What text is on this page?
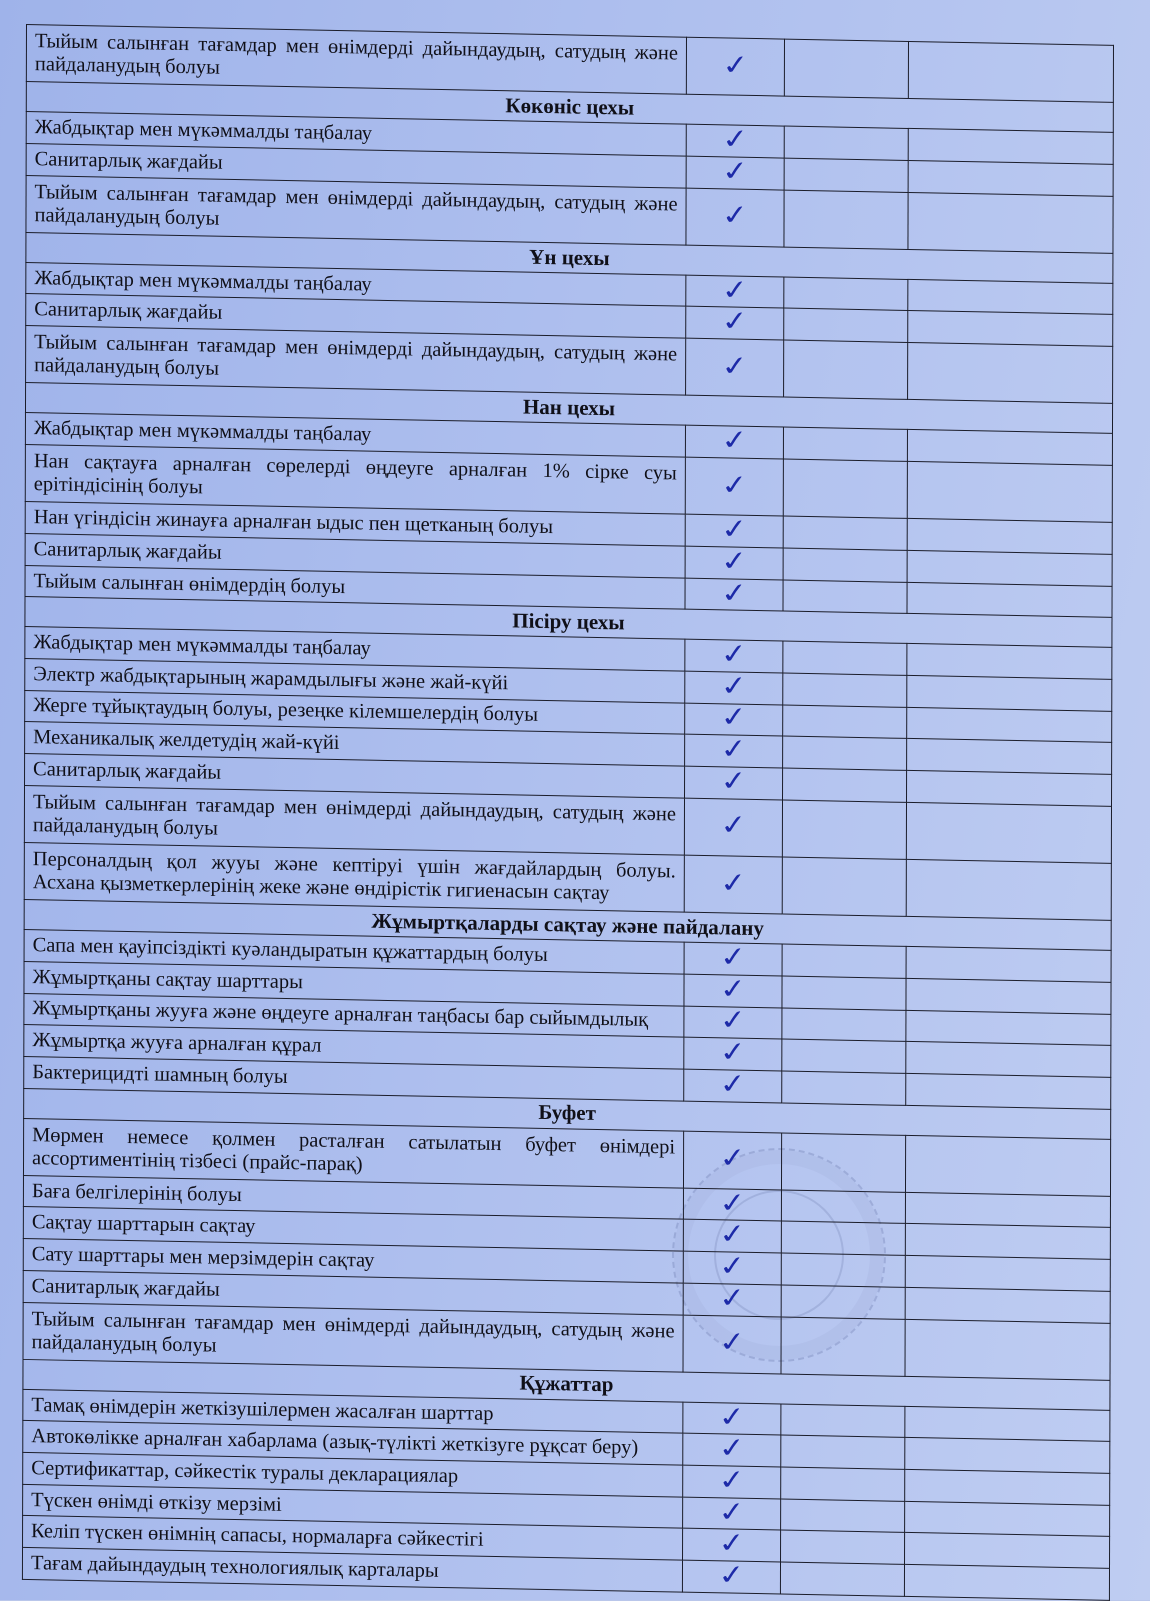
Тыйым салынған тағамдар мен өнімдерді дайындаудың, сатудың және пайдаланудың болуы	✓		
Көкөніс цехы			
Жабдықтар мен мүкәммалды таңбалау	✓		
Санитарлық жағдайы	✓		
Тыйым салынған тағамдар мен өнімдерді дайындаудың, сатудың және пайдаланудың болуы	✓		
Ұн цехы			
Жабдықтар мен мүкәммалды таңбалау	✓		
Санитарлық жағдайы	✓		
Тыйым салынған тағамдар мен өнімдерді дайындаудың, сатудың және пайдаланудың болуы	✓		
Нан цехы			
Жабдықтар мен мүкәммалды таңбалау	✓		
Нан сақтауға арналған сөрелерді өңдеуге арналған 1% сірке суы ерітіндісінің болуы	✓		
Нан үгіндісін жинауға арналған ыдыс пен щетканың болуы	✓		
Санитарлық жағдайы	✓		
Тыйым салынған өнімдердің болуы	✓		
Пісіру цехы			
Жабдықтар мен мүкәммалды таңбалау	✓		
Электр жабдықтарының жарамдылығы және жай-күйі	✓		
Жерге тұйықтаудың болуы, резеңке кілемшелердің болуы	✓		
Механикалық желдетудің жай-күйі	✓		
Санитарлық жағдайы	✓		
Тыйым салынған тағамдар мен өнімдерді дайындаудың, сатудың және пайдаланудың болуы	✓		
Персоналдың қол жууы және кептіруі үшін жағдайлардың болуы. Асхана қызметкерлерінің жеке және өндірістік гигиенасын сақтау	✓		
Жұмыртқаларды сақтау және пайдалану			
Сапа мен қауіпсіздікті куәландыратын құжаттардың болуы	✓		
Жұмыртқаны сақтау шарттары	✓		
Жұмыртқаны жууға және өңдеуге арналған таңбасы бар сыйымдылық	✓		
Жұмыртқа жууға арналған құрал	✓		
Бактерицидті шамның болуы	✓		
Буфет			
Мөрмен немесе қолмен расталған сатылатын буфет өнімдері ассортиментінің тізбесі (прайс-парақ)	✓		
Баға белгілерінің болуы	✓		
Сақтау шарттарын сақтау	✓		
Сату шарттары мен мерзімдерін сақтау	✓		
Санитарлық жағдайы	✓		
Тыйым салынған тағамдар мен өнімдерді дайындаудың, сатудың және пайдаланудың болуы	✓		
Құжаттар			
Тамақ өнімдерін жеткізушілермен жасалған шарттар	✓		
Автокөлікке арналған хабарлама (азық-түлікті жеткізуге рұқсат беру)	✓		
Сертификаттар, сәйкестік туралы декларациялар	✓		
Түскен өнімді өткізу мерзімі	✓		
Келіп түскен өнімнің сапасы, нормаларға сәйкестігі	✓		
Тағам дайындаудың технологиялық карталары	✓		
